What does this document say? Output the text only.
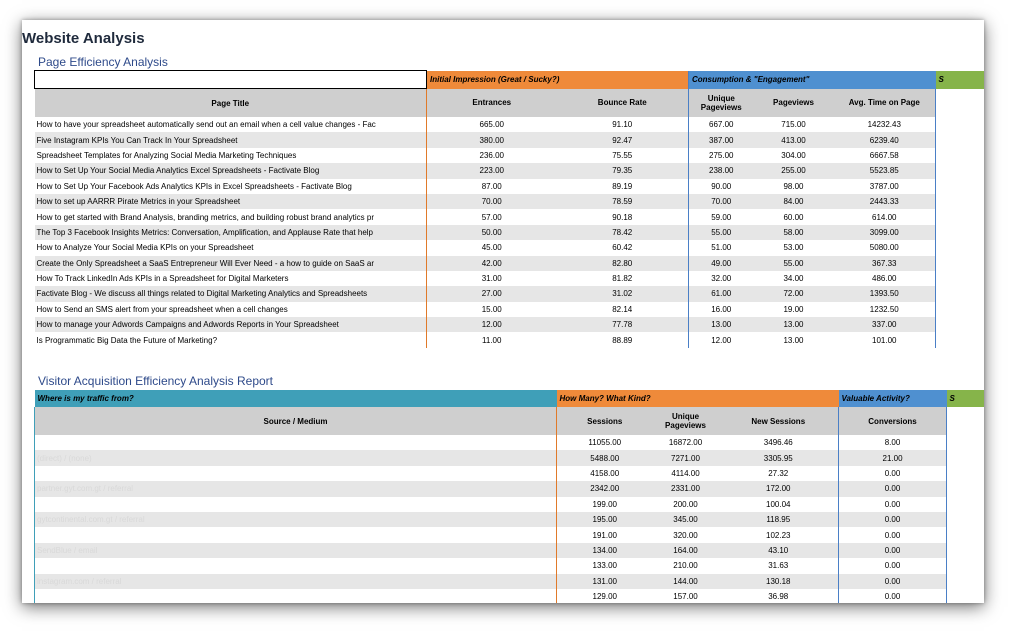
Website Analysis
Page Efficiency Analysis
	Initial Impression (Great / Sucky?)		Consumption & "Engagement"			S
Page Title	Entrances	Bounce Rate	Unique Pageviews	Pageviews	Avg. Time on Page	
How to have your spreadsheet automatically send out an email when a cell value changes - Fac	665.00	91.10	667.00	715.00	14232.43	
Five Instagram KPIs You Can Track In Your Spreadsheet	380.00	92.47	387.00	413.00	6239.40	
Spreadsheet Templates for Analyzing Social Media Marketing Techniques	236.00	75.55	275.00	304.00	6667.58	
How to Set Up Your Social Media Analytics Excel Spreadsheets - Factivate Blog	223.00	79.35	238.00	255.00	5523.85	
How to Set Up Your Facebook Ads Analytics KPIs in Excel Spreadsheets - Factivate Blog	87.00	89.19	90.00	98.00	3787.00	
How to set up AARRR Pirate Metrics in your Spreadsheet	70.00	78.59	70.00	84.00	2443.33	
How to get started with Brand Analysis, branding metrics, and building robust brand analytics pr	57.00	90.18	59.00	60.00	614.00	
The Top 3 Facebook Insights Metrics: Conversation, Amplification, and Applause Rate that help	50.00	78.42	55.00	58.00	3099.00	
How to Analyze Your Social Media KPIs on your Spreadsheet	45.00	60.42	51.00	53.00	5080.00	
Create the Only Spreadsheet a SaaS Entrepreneur Will Ever Need - a how to guide on SaaS ar	42.00	82.80	49.00	55.00	367.33	
How To Track LinkedIn Ads KPIs in a Spreadsheet for Digital Marketers	31.00	81.82	32.00	34.00	486.00	
Factivate Blog - We discuss all things related to Digital Marketing Analytics and Spreadsheets	27.00	31.02	61.00	72.00	1393.50	
How to Send an SMS alert from your spreadsheet when a cell changes	15.00	82.14	16.00	19.00	1232.50	
How to manage your Adwords Campaigns and Adwords Reports in Your Spreadsheet	12.00	77.78	13.00	13.00	337.00	
Is Programmatic Big Data the Future of Marketing?	11.00	88.89	12.00	13.00	101.00	
Visitor Acquisition Efficiency Analysis Report
Where is my traffic from?	How Many? What Kind?			Valuable Activity?	S
Source / Medium	Sessions	Unique Pageviews	New Sessions	Conversions	
	11055.00	16872.00	3496.46	8.00	
(direct) / (none)	5488.00	7271.00	3305.95	21.00	
	4158.00	4114.00	27.32	0.00	
partner.gyt.com.gt / referral	2342.00	2331.00	172.00	0.00	
	199.00	200.00	100.04	0.00	
gytcontinental.com.gt / referral	195.00	345.00	118.95	0.00	
	191.00	320.00	102.23	0.00	
SendBlue / email	134.00	164.00	43.10	0.00	
	133.00	210.00	31.63	0.00	
instagram.com / referral	131.00	144.00	130.18	0.00	
	129.00	157.00	36.98	0.00	
